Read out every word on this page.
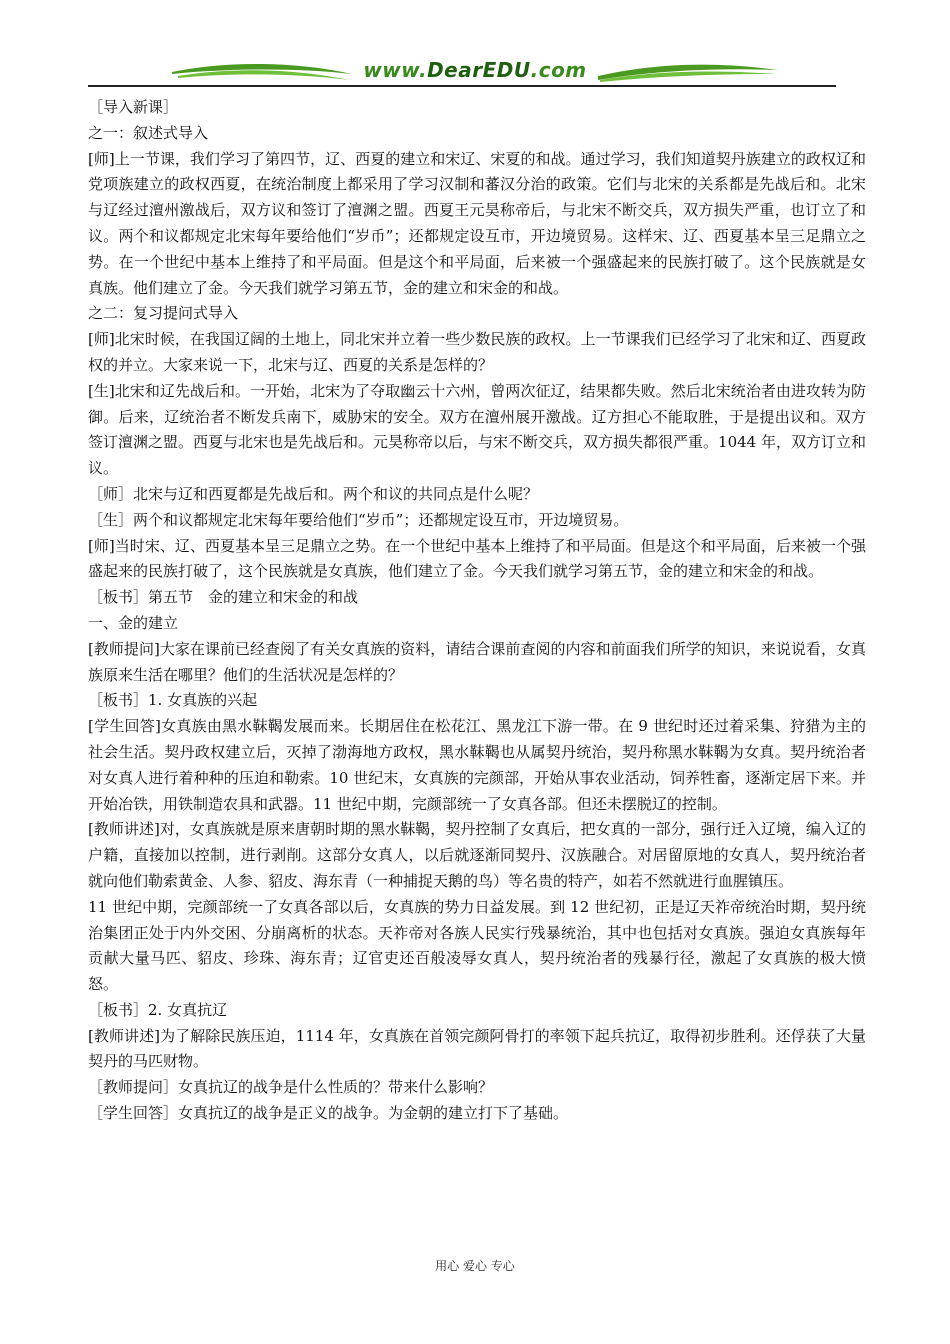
www.DearEDU.com

［导入新课］

之一：叙述式导入

[师]上一节课，我们学习了第四节，辽、西夏的建立和宋辽、宋夏的和战。通过学习，我们知道契丹族建立的政权辽和党项族建立的政权西夏，在统治制度上都采用了学习汉制和蕃汉分治的政策。它们与北宋的关系都是先战后和。北宋与辽经过澶州激战后，双方议和签订了澶渊之盟。西夏王元昊称帝后，与北宋不断交兵，双方损失严重，也订立了和议。两个和议都规定北宋每年要给他们“岁币”；还都规定设互市，开边境贸易。这样宋、辽、西夏基本呈三足鼎立之势。在一个世纪中基本上维持了和平局面。但是这个和平局面，后来被一个强盛起来的民族打破了。这个民族就是女真族。他们建立了金。今天我们就学习第五节，金的建立和宋金的和战。

之二：复习提问式导入

[师]北宋时候，在我国辽阔的土地上，同北宋并立着一些少数民族的政权。上一节课我们已经学习了北宋和辽、西夏政权的并立。大家来说一下，北宋与辽、西夏的关系是怎样的？

[生]北宋和辽先战后和。一开始，北宋为了夺取幽云十六州，曾两次征辽，结果都失败。然后北宋统治者由进攻转为防御。后来，辽统治者不断发兵南下，威胁宋的安全。双方在澶州展开激战。辽方担心不能取胜，于是提出议和。双方签订澶渊之盟。西夏与北宋也是先战后和。元昊称帝以后，与宋不断交兵，双方损失都很严重。1044 年，双方订立和议。

［师］北宋与辽和西夏都是先战后和。两个和议的共同点是什么呢？

［生］两个和议都规定北宋每年要给他们“岁币”；还都规定设互市，开边境贸易。

[师]当时宋、辽、西夏基本呈三足鼎立之势。在一个世纪中基本上维持了和平局面。但是这个和平局面，后来被一个强盛起来的民族打破了，这个民族就是女真族，他们建立了金。今天我们就学习第五节，金的建立和宋金的和战。

［板书］第五节　金的建立和宋金的和战

一、金的建立

[教师提问]大家在课前已经查阅了有关女真族的资料，请结合课前查阅的内容和前面我们所学的知识，来说说看，女真族原来生活在哪里？他们的生活状况是怎样的？

［板书］1. 女真族的兴起

[学生回答]女真族由黑水靺鞨发展而来。长期居住在松花江、黑龙江下游一带。在 9 世纪时还过着采集、狩猎为主的社会生活。契丹政权建立后，灭掉了渤海地方政权，黑水靺鞨也从属契丹统治，契丹称黑水靺鞨为女真。契丹统治者对女真人进行着种种的压迫和勒索。10 世纪末，女真族的完颜部，开始从事农业活动，饲养牲畜，逐渐定居下来。并开始冶铁，用铁制造农具和武器。11 世纪中期，完颜部统一了女真各部。但还未摆脱辽的控制。

[教师讲述]对，女真族就是原来唐朝时期的黑水靺鞨，契丹控制了女真后，把女真的一部分，强行迁入辽境，编入辽的户籍，直接加以控制，进行剥削。这部分女真人，以后就逐渐同契丹、汉族融合。对居留原地的女真人，契丹统治者就向他们勒索黄金、人参、貂皮、海东青（一种捕捉天鹅的鸟）等名贵的特产，如若不然就进行血腥镇压。

11 世纪中期，完颜部统一了女真各部以后，女真族的势力日益发展。到 12 世纪初，正是辽天祚帝统治时期，契丹统治集团正处于内外交困、分崩离析的状态。天祚帝对各族人民实行残暴统治，其中也包括对女真族。强迫女真族每年贡献大量马匹、貂皮、珍珠、海东青；辽官吏还百般凌辱女真人，契丹统治者的残暴行径，激起了女真族的极大愤怒。

［板书］2. 女真抗辽

[教师讲述]为了解除民族压迫，1114 年，女真族在首领完颜阿骨打的率领下起兵抗辽，取得初步胜利。还俘获了大量契丹的马匹财物。

［教师提问］女真抗辽的战争是什么性质的？带来什么影响？

［学生回答］女真抗辽的战争是正义的战争。为金朝的建立打下了基础。

用心 爱心 专心
